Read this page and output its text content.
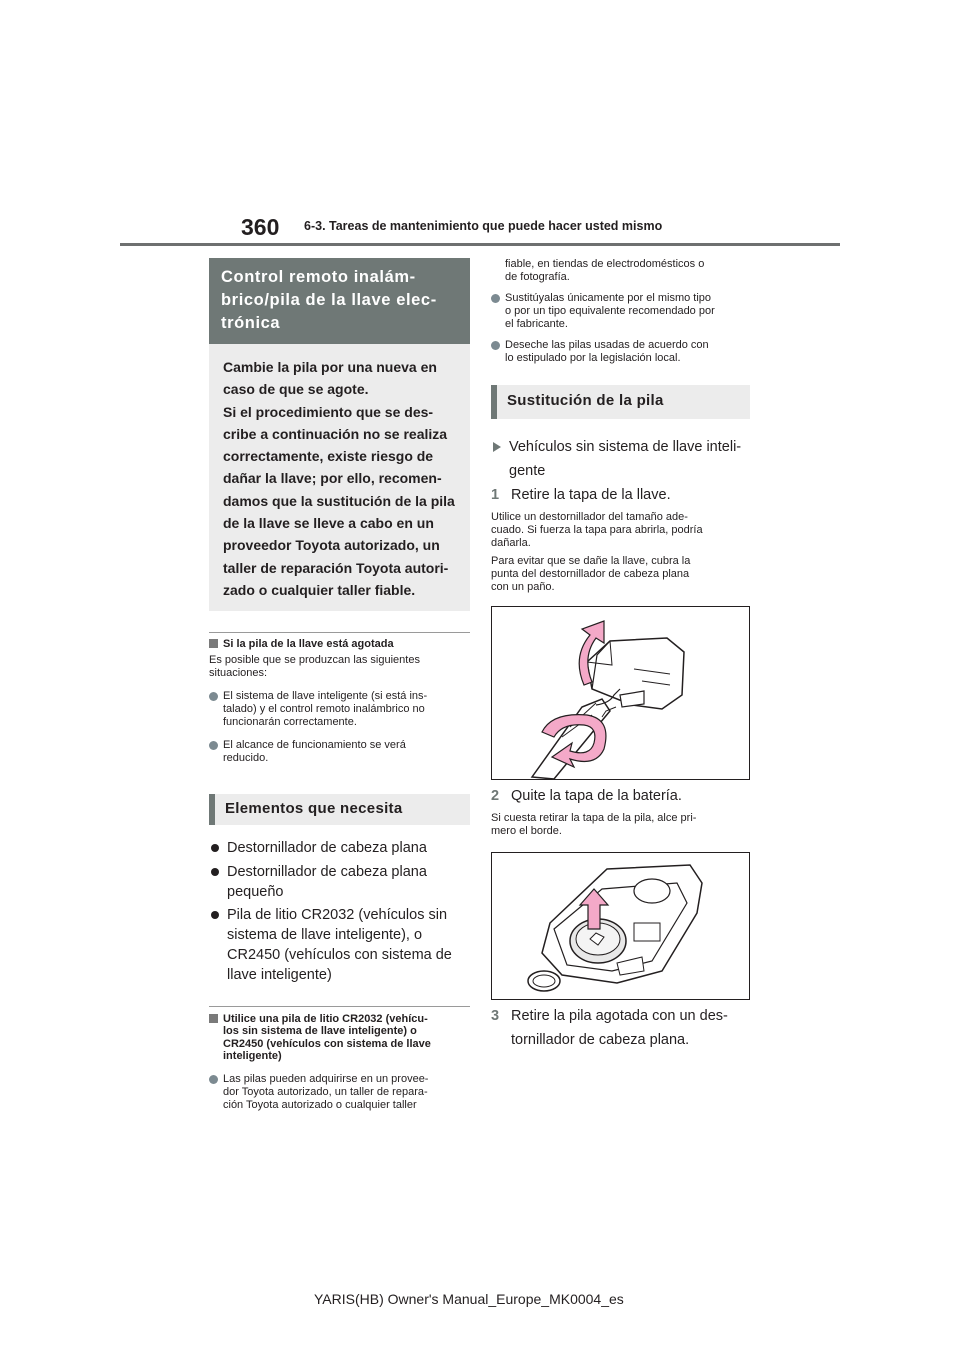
360 6-3. Tareas de mantenimiento que puede hacer usted mismo
Control remoto inalám-
brico/pila de la llave elec-
trónica
Cambie la pila por una nueva en
caso de que se agote.
Si el procedimiento que se des-
cribe a continuación no se realiza
correctamente, existe riesgo de
dañar la llave; por ello, recomen-
damos que la sustitución de la pila
de la llave se lleve a cabo en un
proveedor Toyota autorizado, un
taller de reparación Toyota autori-
zado o cualquier taller fiable.
Si la pila de la llave está agotada
Es posible que se produzcan las siguientes
situaciones:
El sistema de llave inteligente (si está ins-
talado) y el control remoto inalámbrico no
funcionarán correctamente.
El alcance de funcionamiento se verá
reducido.
Elementos que necesita
Destornillador de cabeza plana
Destornillador de cabeza plana
pequeño
Pila de litio CR2032 (vehículos sin
sistema de llave inteligente), o
CR2450 (vehículos con sistema de
llave inteligente)
Utilice una pila de litio CR2032 (vehícu-
los sin sistema de llave inteligente) o
CR2450 (vehículos con sistema de llave
inteligente)
Las pilas pueden adquirirse en un provee-
dor Toyota autorizado, un taller de repara-
ción Toyota autorizado o cualquier taller
fiable, en tiendas de electrodomésticos o
de fotografía.
Sustitúyalas únicamente por el mismo tipo
o por un tipo equivalente recomendado por
el fabricante.
Deseche las pilas usadas de acuerdo con
lo estipulado por la legislación local.
Sustitución de la pila
Vehículos sin sistema de llave inteli-
gente
1 Retire la tapa de la llave.
Utilice un destornillador del tamaño ade-
cuado. Si fuerza la tapa para abrirla, podría
dañarla.
Para evitar que se dañe la llave, cubra la
punta del destornillador de cabeza plana
con un paño.
2 Quite la tapa de la batería.
Si cuesta retirar la tapa de la pila, alce pri-
mero el borde.
3 Retire la pila agotada con un des-
tornillador de cabeza plana.
YARIS(HB) Owner's Manual_Europe_MK0004_es
